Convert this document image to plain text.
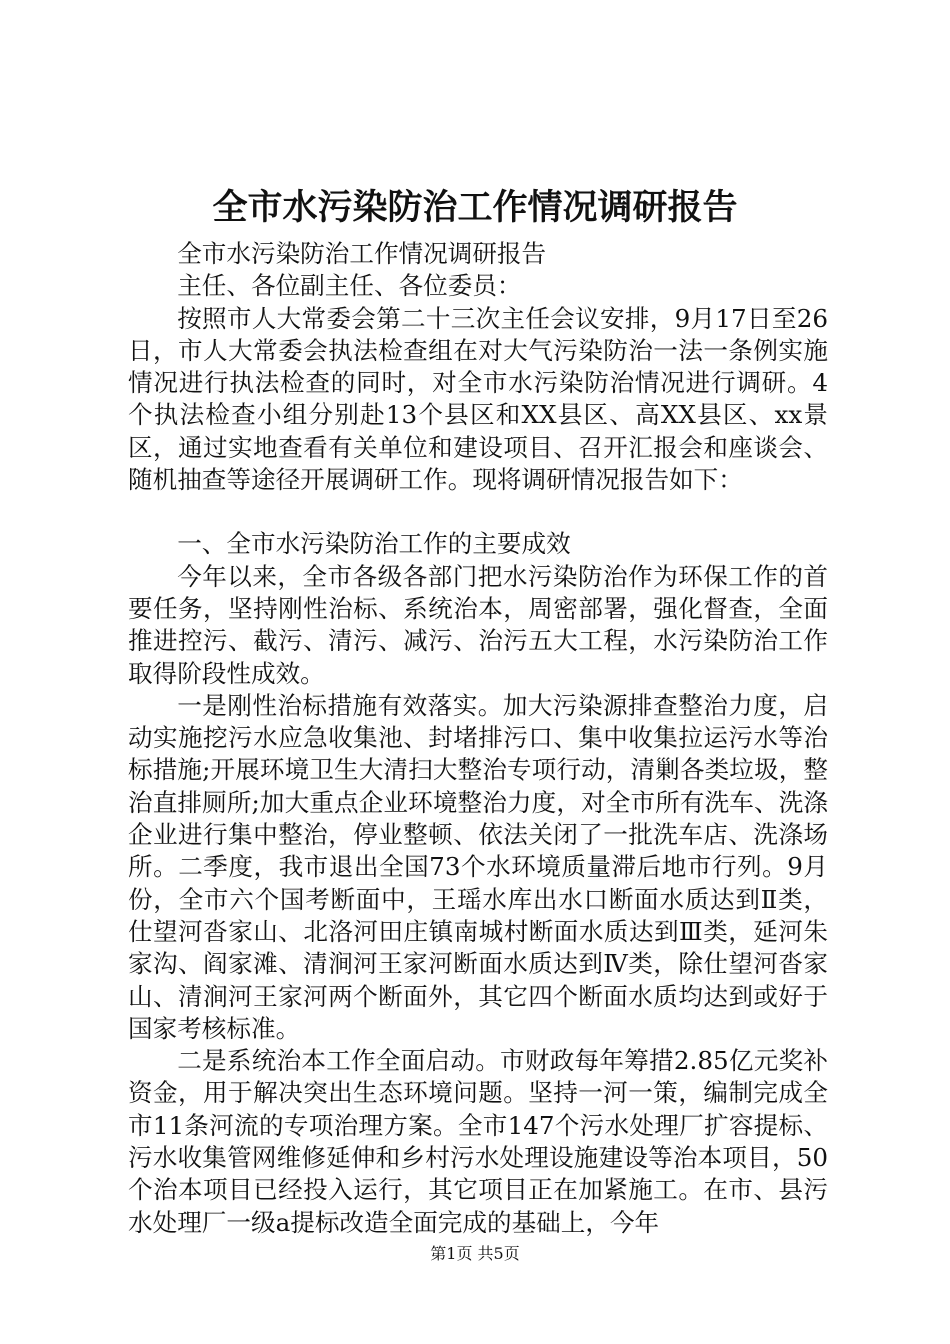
全市水污染防治工作情况调研报告

全市水污染防治工作情况调研报告

主任、各位副主任、各位委员：

按照市人大常委会第二十三次主任会议安排，9月17日至26日，市人大常委会执法检查组在对大气污染防治一法一条例实施情况进行执法检查的同时，对全市水污染防治情况进行调研。4个执法检查小组分别赴13个县区和XX县区、高XX县区、xx景区，通过实地查看有关单位和建设项目、召开汇报会和座谈会、随机抽查等途径开展调研工作。现将调研情况报告如下：

一、全市水污染防治工作的主要成效

今年以来，全市各级各部门把水污染防治作为环保工作的首要任务，坚持刚性治标、系统治本，周密部署，强化督查，全面推进控污、截污、清污、减污、治污五大工程，水污染防治工作取得阶段性成效。

一是刚性治标措施有效落实。加大污染源排查整治力度，启动实施挖污水应急收集池、封堵排污口、集中收集拉运污水等治标措施;开展环境卫生大清扫大整治专项行动，清剿各类垃圾，整治直排厕所;加大重点企业环境整治力度，对全市所有洗车、洗涤企业进行集中整治，停业整顿、依法关闭了一批洗车店、洗涤场所。二季度，我市退出全国73个水环境质量滞后地市行列。9月份，全市六个国考断面中，王瑶水库出水口断面水质达到Ⅱ类，仕望河沓家山、北洛河田庄镇南城村断面水质达到Ⅲ类，延河朱家沟、阎家滩、清涧河王家河断面水质达到Ⅳ类，除仕望河沓家山、清涧河王家河两个断面外，其它四个断面水质均达到或好于国家考核标准。

二是系统治本工作全面启动。市财政每年筹措2.85亿元奖补资金，用于解决突出生态环境问题。坚持一河一策，编制完成全市11条河流的专项治理方案。全市147个污水处理厂扩容提标、污水收集管网维修延伸和乡村污水处理设施建设等治本项目，50个治本项目已经投入运行，其它项目正在加紧施工。在市、县污水处理厂一级a提标改造全面完成的基础上，今年

第1页 共5页
